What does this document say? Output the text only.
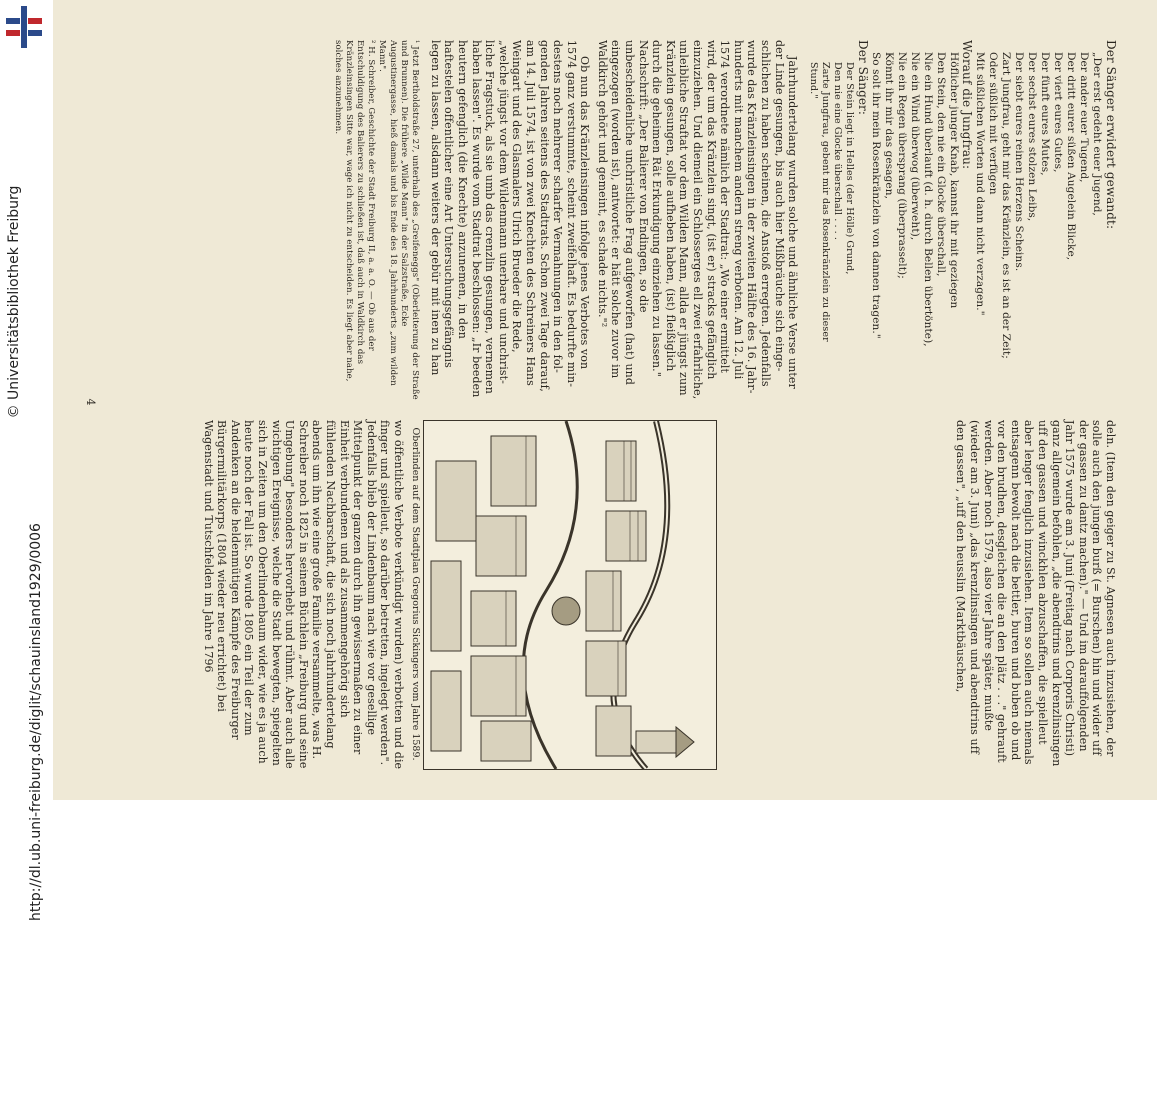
http://dl.ub.uni-freiburg.de/diglit/schauinsland1929/0006
© Universitätsbibliothek Freiburg

Der Sänger erwidert gewandt:

„Der erst gedeht euer Jugend,
Der ander euer Tugend,
Der dritt eurer süßen Augelein Blicke,
Der viert eures Gutes,
Der fünft eures Mutes,
Der sechst eures stolzen Leibs,
Der siebt eures reinen Herzens Scheins.
Zart Jungfrau, geht mir das Kränzlein, es ist an der Zeit;
Oder süßlich mit verfügen
Mit süßlichen Worten und dann nicht verzagen."

Worauf die Jungfrau:

Höflicher junger Knab, kannst ihr mit geziegen
Den Stein, den nie ein Glocke überschall,
Nie ein Hund überlauft (d. h. durch Bellen übertönte),
Nie ein Wind überwog (überweht),
Nie ein Regen übersprang (überprasselt);
Könnt ihr mir das gesagen,
So solt ihr mein Rosenkränzlein von dannen tragen."

Der Sänger:

Der Stein liegt in Helles (der Hölle) Grund,
Den nie eine Glocke überschall . . . .
Zarte Jungfrau, gebent mir das Rosenkränzlein zu dieser
Stund."

Jahrhundertelang wurden solche und ähnliche Verse unter der Linde gesungen, bis auch hier Mißbräuche sich eingeschlichen zu haben scheinen, die Anstoß erregten. Jedenfalls wurde das Kränzleinsingen in der zweiten Hälfte des 16. Jahrhunderts mit manchem andern streng verboten. Am 12. Juli 1574 verordnete nämlich der Stadtrat: „Wo einer ermittelt wird, der um das Kränzlein singt, (ist er) stracks gefänglich einzuziehen. Und diemeil ein Schlosserges ell zwei erfahrliche, unleibliche Straftat vor dem Wilden Mann, allda er jüngst zum Kränzlein gesungen, solle aufheben haben, (ist) fleißiglich durch die geheimen Rät Erkundigung einziehen zu lassen." Nachschrift: „Der Balierer von Endingen, so die unbescheidenliche unchristliche Frag aufgeworfen (hat) und eingezogen (worden ist), antwortet: er hätt solche zuvor im Waldkirch gehört und gemeint, es schade nichts."²

Ob nun das Kränzleinsingen infolge jenes Verbotes von 1574 ganz verstummte, scheint zweifelhaft. Es bedurfte mindestens noch mehrerer scharfer Vermahnungen in den folgenden Jahren seitens des Stadtrats. Schon zwei Tage darauf, am 14. Juli 1574, ist von zwei Knechten des Schreiners Hans Weingart und des Glasmalers Ulrich Brueder die Rede, „welche jüngst vor dem Wildenmann unerbare und unchristliche Fragstuck, als sie umb das crenzlin gesungen, vernemen haben lassen". Es wurde vom Stadtrat beschlossen: „Ir beeden heutern gefenglich (die Knechte) anzunemen, in den haftestelen offentlicher eine Art Untersuchungsgefängnis legen zu lassen, alsdann weiters der gebür mit inen zu han

¹ Jetzt Bertholdstraße 27, unterhalb des „Greifeneggs" (Oberleiterung der Straße und Brunnen). Die frühere „Wilde Mann" in der Salzstraße, Ecke Augustinergasse, hieß damals und bis Ende des 18. Jahrhunderts „zum wilden Mann".

² H. Schreiber, Geschichte der Stadt Freiburg II, a. a. O. — Ob aus der Entschuldigung des Balierers zu schließen ist, daß auch in Waldkirch das Kränzleinsingen Sitte war, wage ich nicht zu entscheiden. Es liegt aber nahe, solches anzunehmen.

deln. (Item den geiger zu St. Agnesen auch inzusiehen, der solle auch den jungen burß (= Burschen) hin und wider uff der gassen zu dantz machen)." — Und im darauffolgenden Jahr 1575 wurde am 3. Juni (Freitag nach Corporis Christi) ganz allgemein befohlen, „die abendtrins und krenzlinsingen uff den gassen und winckhlen abzuschaffen, die spielleut aber lenger fenglich inzusiehen. Item so sollen auch niemals entsagenn bewolt nach die bettler, buren und buben ob und vor den brudhen, desgleichen die an den plätz . . ." gehrauft werden. Aber noch 1579, also vier Jahre später, mußte (wieder am 3. Juni) „das krenzlinsingen und abendtrins uff den gassen", „uff den heusslin (Marktbäuschen,

Oberlinden auf dem Stadtplan Gregorius Sickingers vom Jahre 1589.

wo öffentliche Verbote verkündigt wurden) verbotten und die finger und spielleut, so darüber betretten, ingelegt werden". Jedenfalls blieb der Lindenbaum nach wie vor gesellige Mittelpunkt der ganzen durch ihn gewissermaßen zu einer Einheit verbundenen und als zusammengehörig sich fühlenden Nachbarschaft, die sich noch jahrhundertelang abends um ihn wie eine große Familie versammelte, was H. Schreiber noch 1825 in seinem Büchlein „Freiburg und seine Umgebung" besonders hervorhebt und rühmt. Aber auch alle wichtigen Ereignisse, welche die Stadt bewegten, spiegelten sich in Zeiten um den Oberlindenbaum wider, wie es ja auch heute noch der Fall ist. So wurde 1805 ein Teil der zum Andenken an die heldenmütigen Kämpfe des Freiburger Bürgermilitärkorps (1804 wieder neu errichtet) bei Wagenstadt und Tutschfelden im Jahre 1796

4
